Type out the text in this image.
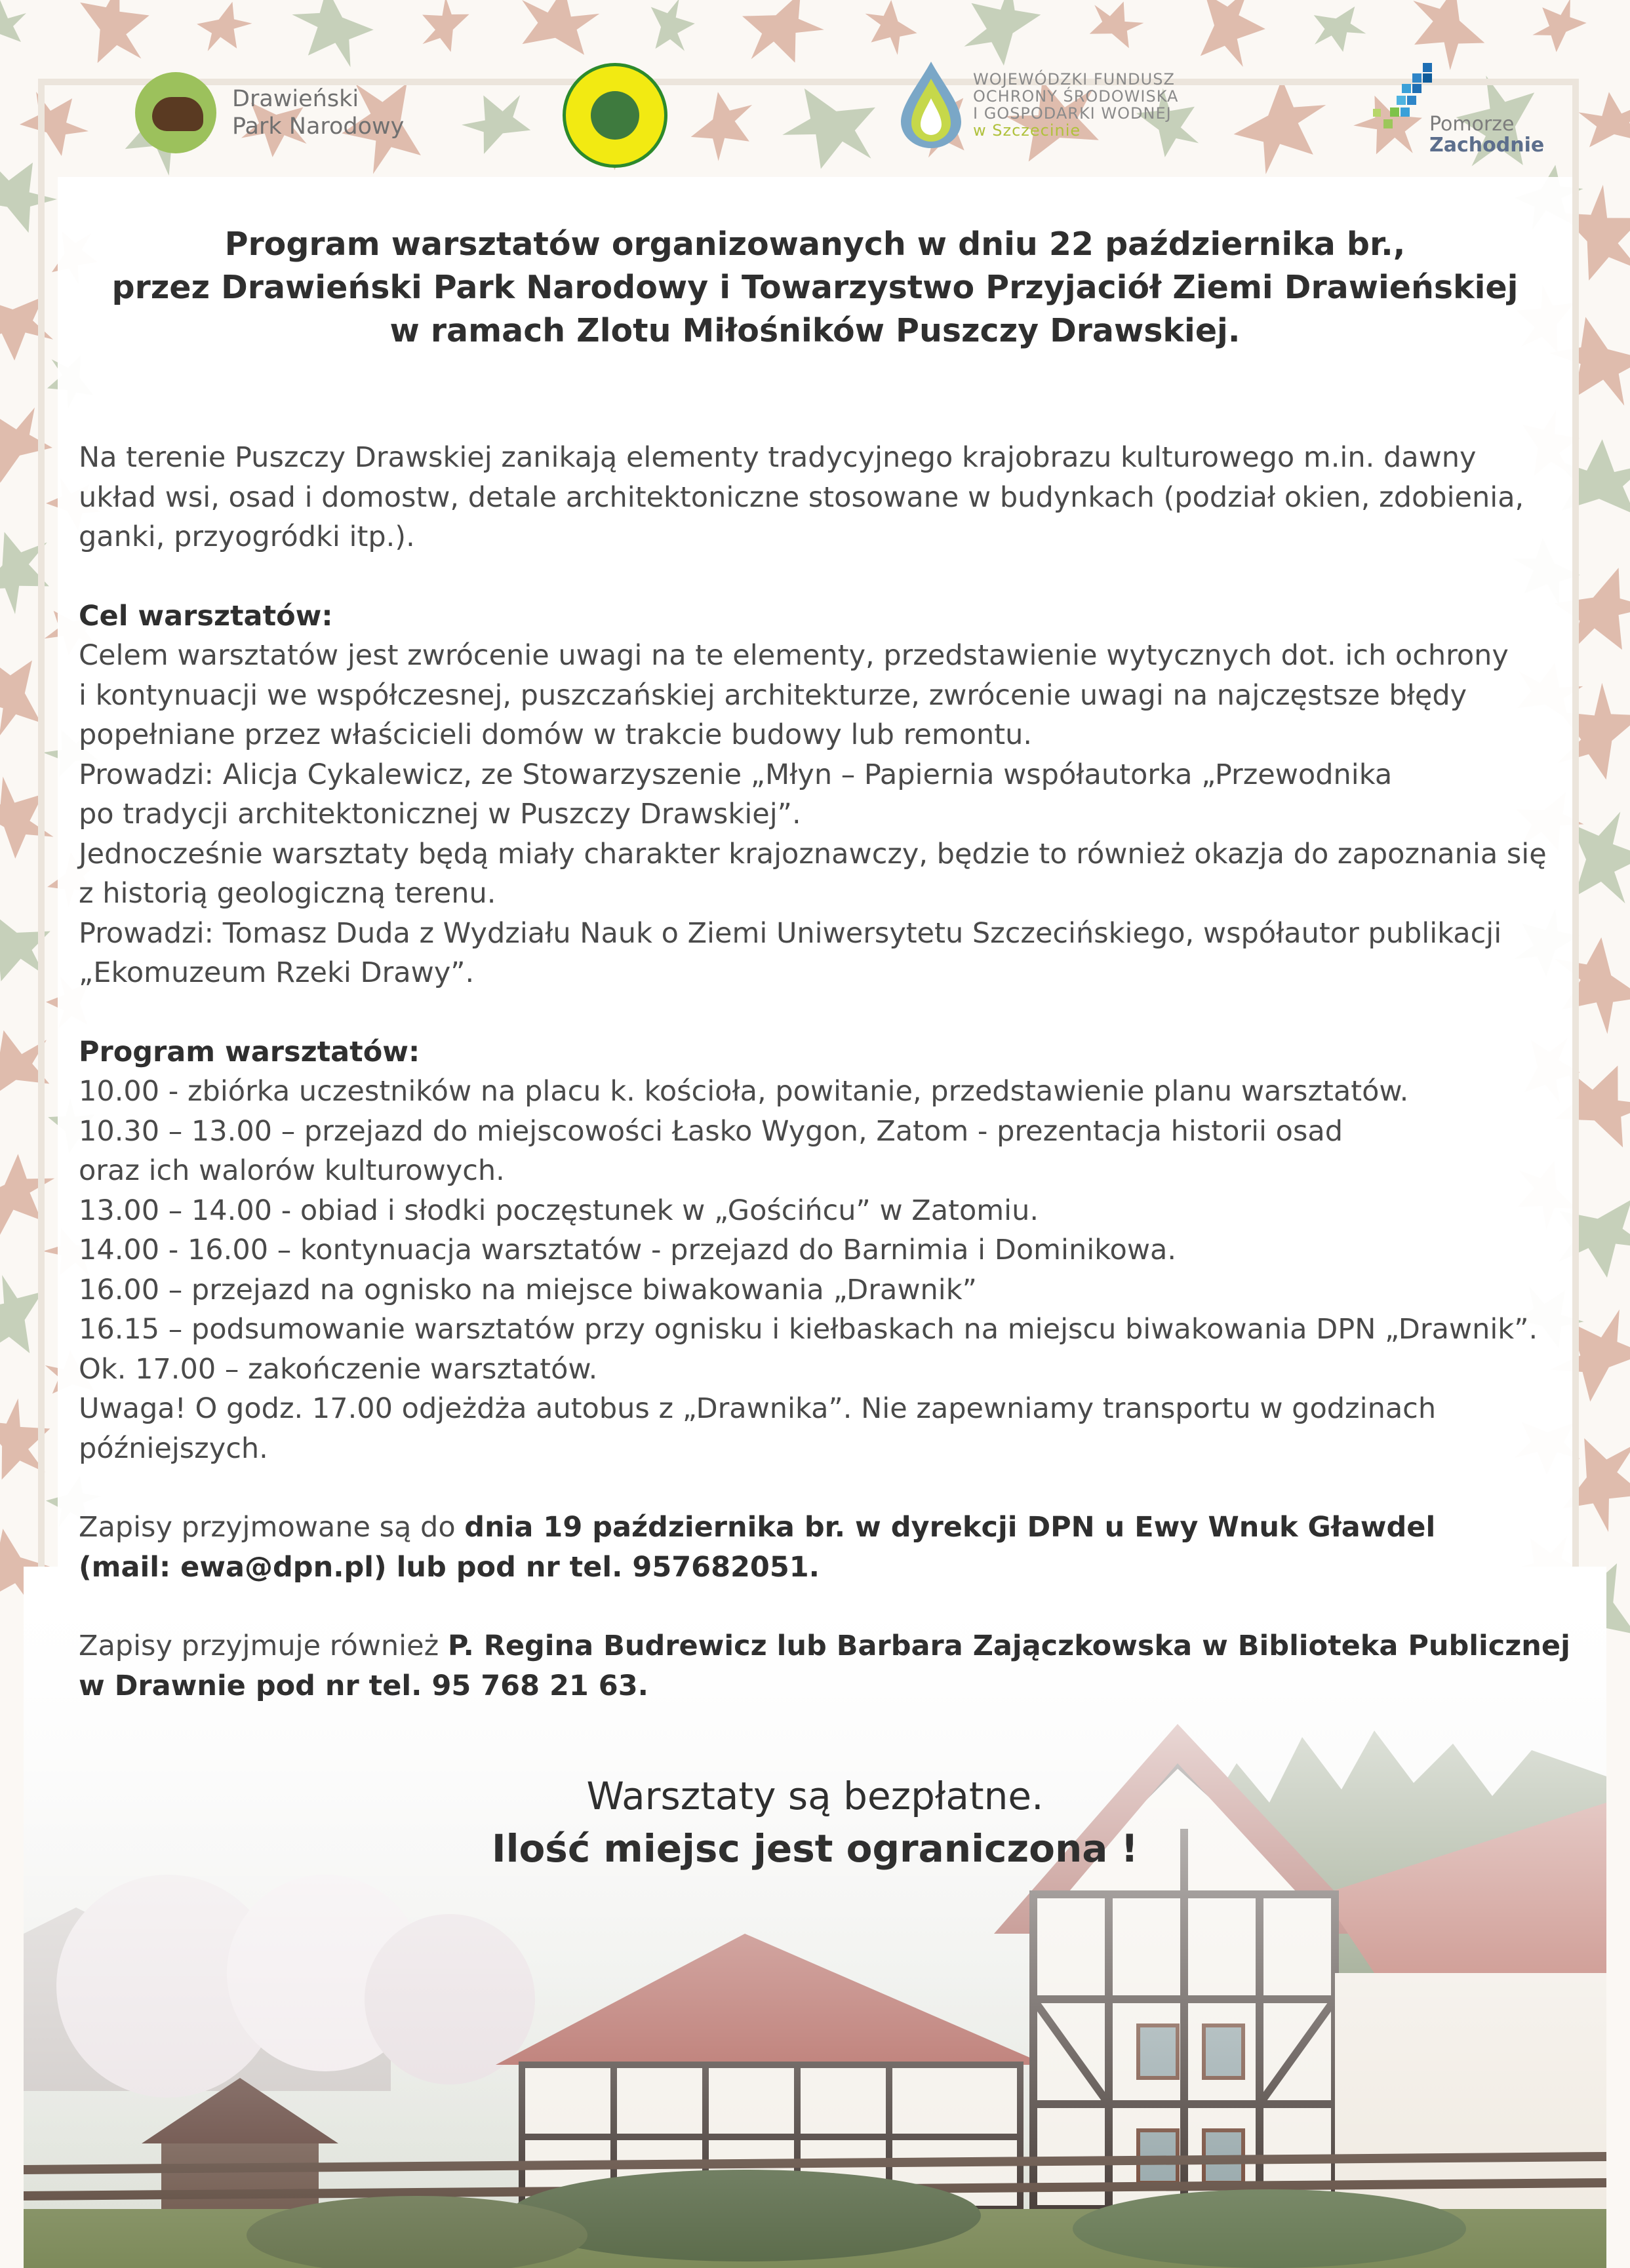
Drawieński
Park Narodowy
WOJEWÓDZKI FUNDUSZ
OCHRONY ŚRODOWISKA
I GOSPODARKI WODNEJ
w Szczecinie	Pomorze
Zachodnie
Program warsztatów organizowanych w dniu 22 października br.,
przez Drawieński Park Narodowy i Towarzystwo Przyjaciół Ziemi Drawieńskiej
w ramach Zlotu Miłośników Puszczy Drawskiej.

Na terenie Puszczy Drawskiej zanikają elementy tradycyjnego krajobrazu kulturowego m.in. dawny

układ wsi, osad i domostw, detale architektoniczne stosowane w budynkach (podział okien, zdobienia,

ganki, przyogródki itp.).

Cel warsztatów:

Celem warsztatów jest zwrócenie uwagi na te elementy, przedstawienie wytycznych dot. ich ochrony

i kontynuacji we współczesnej, puszczańskiej architekturze, zwrócenie uwagi na najczęstsze błędy

popełniane przez właścicieli domów w trakcie budowy lub remontu.

Prowadzi: Alicja Cykalewicz, ze Stowarzyszenie „Młyn – Papiernia współautorka „Przewodnika

po tradycji architektonicznej w Puszczy Drawskiej”.

Jednocześnie warsztaty będą miały charakter krajoznawczy, będzie to również okazja do zapoznania się

z historią geologiczną terenu.

Prowadzi: Tomasz Duda z Wydziału Nauk o Ziemi Uniwersytetu Szczecińskiego, współautor publikacji

„Ekomuzeum Rzeki Drawy”.

Program warsztatów:

10.00 - zbiórka uczestników na placu k. kościoła, powitanie, przedstawienie planu warsztatów.

10.30 – 13.00 – przejazd do miejscowości Łasko Wygon, Zatom - prezentacja historii osad

oraz ich walorów kulturowych.

13.00 – 14.00 - obiad i słodki poczęstunek w „Gościńcu” w Zatomiu.

14.00 - 16.00 – kontynuacja warsztatów - przejazd do Barnimia i Dominikowa.

16.00 – przejazd na ognisko na miejsce biwakowania „Drawnik”

16.15 – podsumowanie warsztatów przy ognisku i kiełbaskach na miejscu biwakowania DPN „Drawnik”.

Ok. 17.00 – zakończenie warsztatów.

Uwaga! O godz. 17.00 odjeżdża autobus z „Drawnika”. Nie zapewniamy transportu w godzinach

późniejszych.

Zapisy przyjmowane są do dnia 19 października br. w dyrekcji DPN u Ewy Wnuk Gławdel

(mail: ewa@dpn.pl) lub pod nr tel. 957682051.

Zapisy przyjmuje również P. Regina Budrewicz lub Barbara Zajączkowska w Biblioteka Publicznej

w Drawnie pod nr tel. 95 768 21 63.

Warsztaty są bezpłatne.
Ilość miejsc jest ograniczona !
